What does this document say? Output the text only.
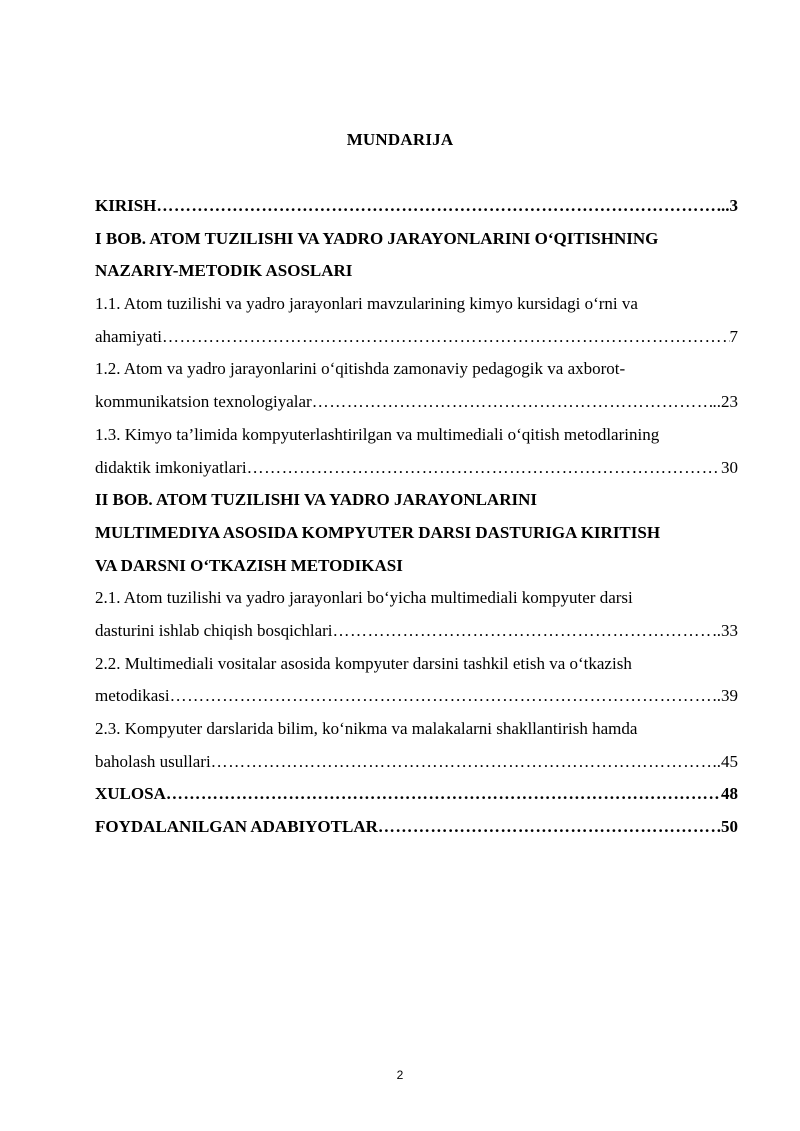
MUNDARIJA
KIRISH ……………………………………………………………………………………………………………………………………………………………………	...3
I BOB. ATOM TUZILISHI VA YADRO JARAYONLARINI O‘QITISHNING
NAZARIY-METODIK ASOSLARI
1.1. Atom tuzilishi va yadro jarayonlari mavzularining kimyo kursidagi o‘rni va
ahamiyati ……………………………………………………………………………………………………………………………………………………………………	7
1.2. Atom va yadro jarayonlarini o‘qitishda zamonaviy pedagogik va axborot-
kommunikatsion texnologiyalar ……………………………………………………………………………………………………………………………………………………………………	..23
1.3. Kimyo ta’limida kompyuterlashtirilgan va multimediali o‘qitish metodlarining
didaktik imkoniyatlari ……………………………………………………………………………………………………………………………………………………………………	30
II BOB. ATOM TUZILISHI VA YADRO JARAYONLARINI
MULTIMEDIYA ASOSIDA KOMPYUTER DARSI DASTURIGA KIRITISH
VA DARSNI O‘TKAZISH METODIKASI
2.1. Atom tuzilishi va yadro jarayonlari bo‘yicha multimediali kompyuter darsi
dasturini ishlab chiqish bosqichlari ……………………………………………………………………………………………………………………………………………………………………	..33
2.2. Multimediali vositalar asosida kompyuter darsini tashkil etish va o‘tkazish
metodikasi ……………………………………………………………………………………………………………………………………………………………………	..39
2.3. Kompyuter darslarida bilim, ko‘nikma va malakalarni shakllantirish hamda
baholash usullari ……………………………………………………………………………………………………………………………………………………………………	..45
XULOSA ……………………………………………………………………………………………………………………………………………………………………	48
FOYDALANILGAN ADABIYOTLAR ……………………………………………………………………………………………………………………………………………………………………	50
2
